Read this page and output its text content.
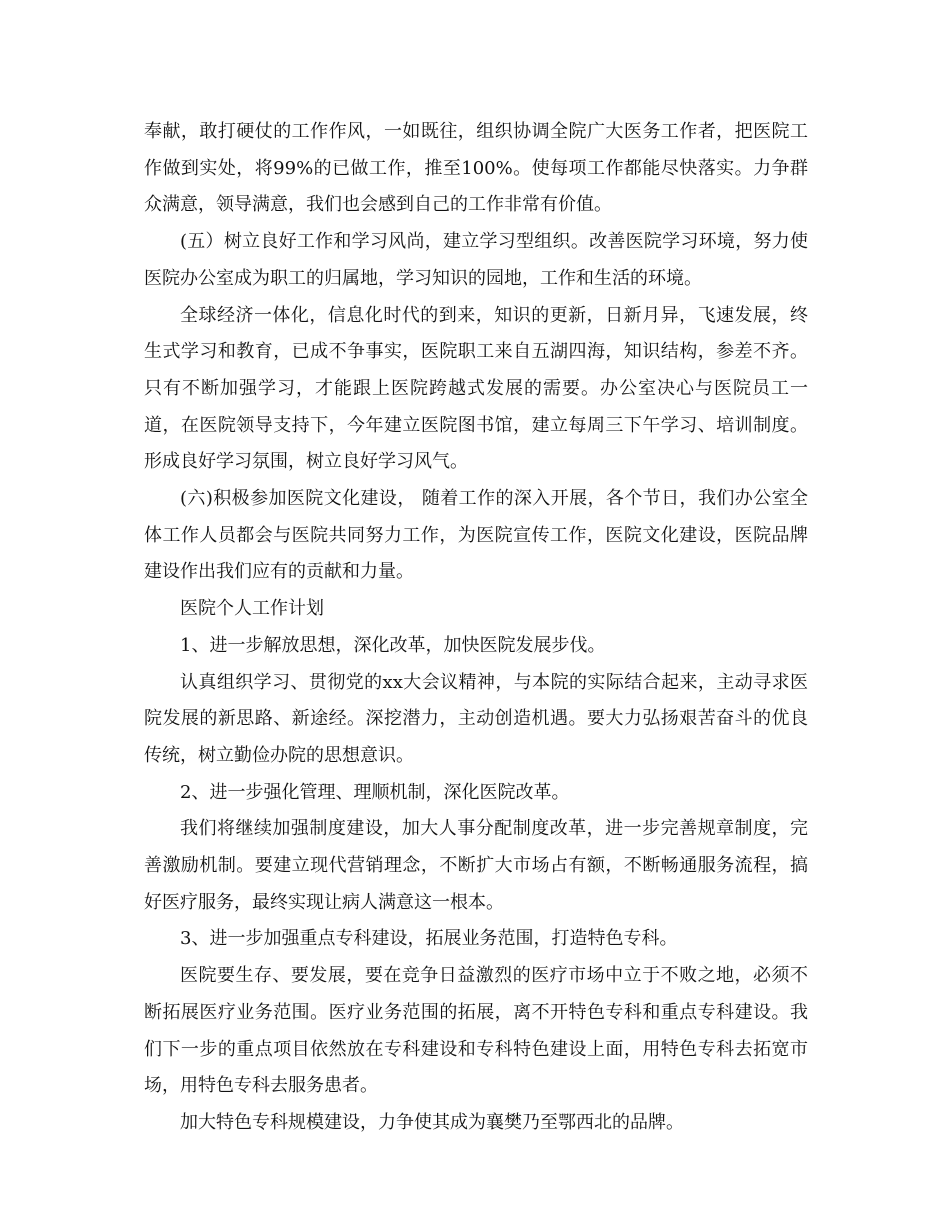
奉献，敢打硬仗的工作作风，一如既往，组织协调全院广大医务工作者，把医院工作做到实处，将99%的已做工作，推至100%。使每项工作都能尽快落实。力争群众满意，领导满意，我们也会感到自己的工作非常有价值。

(五）树立良好工作和学习风尚，建立学习型组织。改善医院学习环境，努力使医院办公室成为职工的归属地，学习知识的园地，工作和生活的环境。

全球经济一体化，信息化时代的到来，知识的更新，日新月异，飞速发展，终生式学习和教育，已成不争事实，医院职工来自五湖四海，知识结构，参差不齐。只有不断加强学习，才能跟上医院跨越式发展的需要。办公室决心与医院员工一道，在医院领导支持下，今年建立医院图书馆，建立每周三下午学习、培训制度。形成良好学习氛围，树立良好学习风气。

(六)积极参加医院文化建设， 随着工作的深入开展，各个节日，我们办公室全体工作人员都会与医院共同努力工作，为医院宣传工作，医院文化建设，医院品牌建设作出我们应有的贡献和力量。

医院个人工作计划

1、进一步解放思想，深化改革，加快医院发展步伐。

认真组织学习、贯彻党的xx大会议精神，与本院的实际结合起来，主动寻求医院发展的新思路、新途经。深挖潜力，主动创造机遇。要大力弘扬艰苦奋斗的优良传统，树立勤俭办院的思想意识。

2、进一步强化管理、理顺机制，深化医院改革。

我们将继续加强制度建设，加大人事分配制度改革，进一步完善规章制度，完善激励机制。要建立现代营销理念，不断扩大市场占有额，不断畅通服务流程，搞好医疗服务，最终实现让病人满意这一根本。

3、进一步加强重点专科建设，拓展业务范围，打造特色专科。

医院要生存、要发展，要在竞争日益激烈的医疗市场中立于不败之地，必须不断拓展医疗业务范围。医疗业务范围的拓展，离不开特色专科和重点专科建设。我们下一步的重点项目依然放在专科建设和专科特色建设上面，用特色专科去拓宽市场，用特色专科去服务患者。

加大特色专科规模建设，力争使其成为襄樊乃至鄂西北的品牌。
